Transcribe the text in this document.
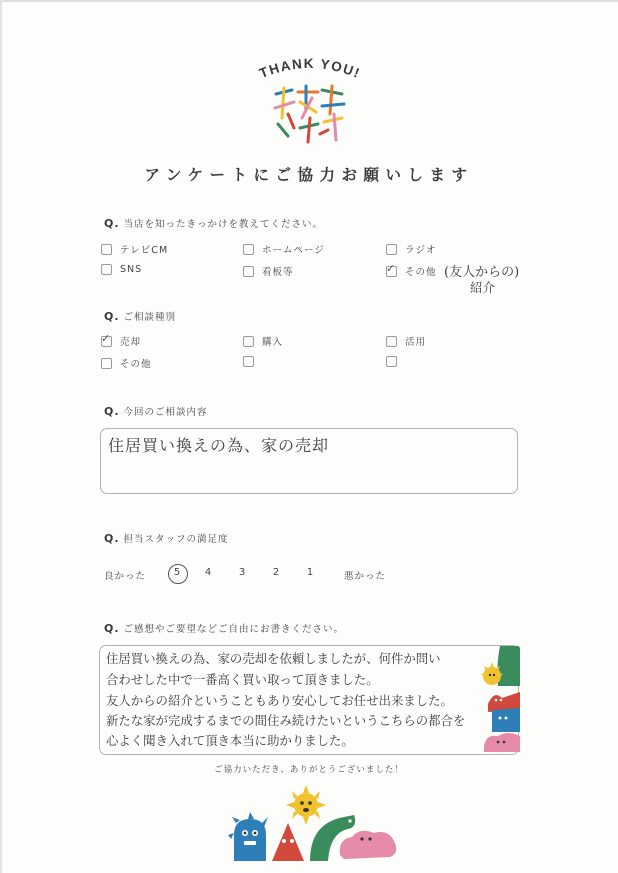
THANK YOU!
アンケートにご協力お願いします
Q. 当店を知ったきっかけを教えてください。
テレビCM	ホームページ	ラジオ
SNS	看板等	✓ その他 (友人からの)
紹介
Q. ご相談種別
✓ 売却	購入	活用
その他
Q. 今回のご相談内容
住居買い換えの為、家の売却
Q. 担当スタッフの満足度
良かった	5	4	3	2	1	悪かった
Q. ご感想やご要望などご自由にお書きください。
住居買い換えの為、家の売却を依頼しましたが、何件か問い
合わせした中で一番高く買い取って頂きました。
友人からの紹介ということもあり安心してお任せ出来ました。
新たな家が完成するまでの間住み続けたいというこちらの都合を
心よく聞き入れて頂き本当に助かりました。
ご協力いただき、ありがとうございました！
